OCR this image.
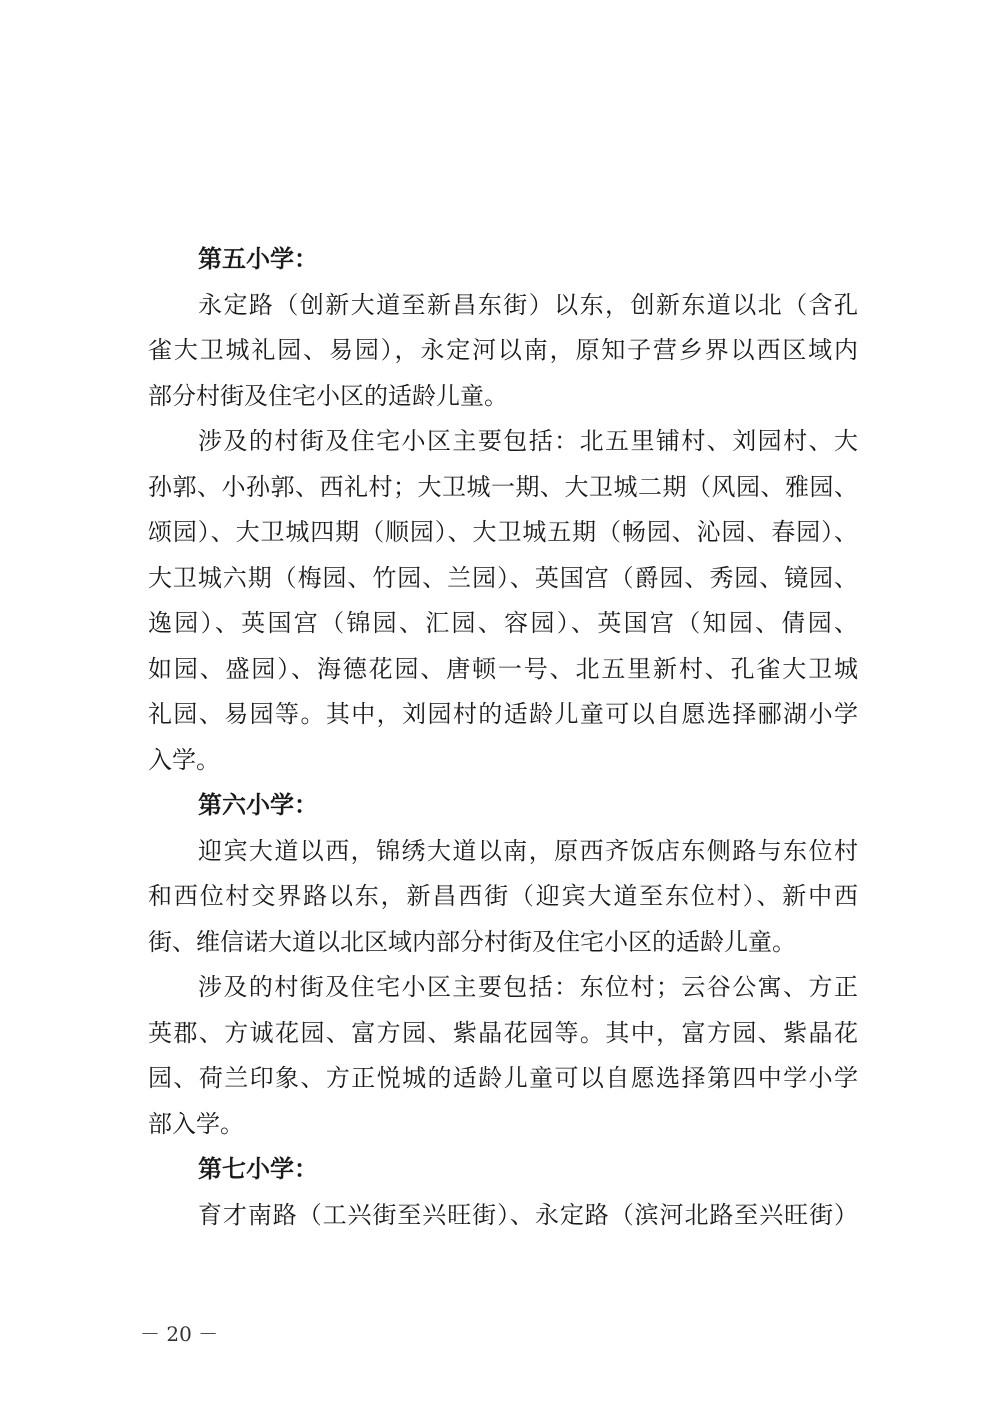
第五小学：
永定路（创新大道至新昌东街）以东，创新东道以北（含孔
雀大卫城礼园、易园），永定河以南，原知子营乡界以西区域内
部分村街及住宅小区的适龄儿童。
涉及的村街及住宅小区主要包括：北五里铺村、刘园村、大
孙郭、小孙郭、西礼村；大卫城一期、大卫城二期（风园、雅园、
颂园）、大卫城四期（顺园）、大卫城五期（畅园、沁园、春园）、
大卫城六期（梅园、竹园、兰园）、英国宫（爵园、秀园、镜园、
逸园）、英国宫（锦园、汇园、容园）、英国宫（知园、倩园、
如园、盛园）、海德花园、唐顿一号、北五里新村、孔雀大卫城
礼园、易园等。其中，刘园村的适龄儿童可以自愿选择郦湖小学
入学。
第六小学：
迎宾大道以西，锦绣大道以南，原西齐饭店东侧路与东位村
和西位村交界路以东，新昌西街（迎宾大道至东位村）、新中西
街、维信诺大道以北区域内部分村街及住宅小区的适龄儿童。
涉及的村街及住宅小区主要包括：东位村；云谷公寓、方正
英郡、方诚花园、富方园、紫晶花园等。其中，富方园、紫晶花
园、荷兰印象、方正悦城的适龄儿童可以自愿选择第四中学小学
部入学。
第七小学：
育才南路（工兴街至兴旺街）、永定路（滨河北路至兴旺街）
－ 20 －
